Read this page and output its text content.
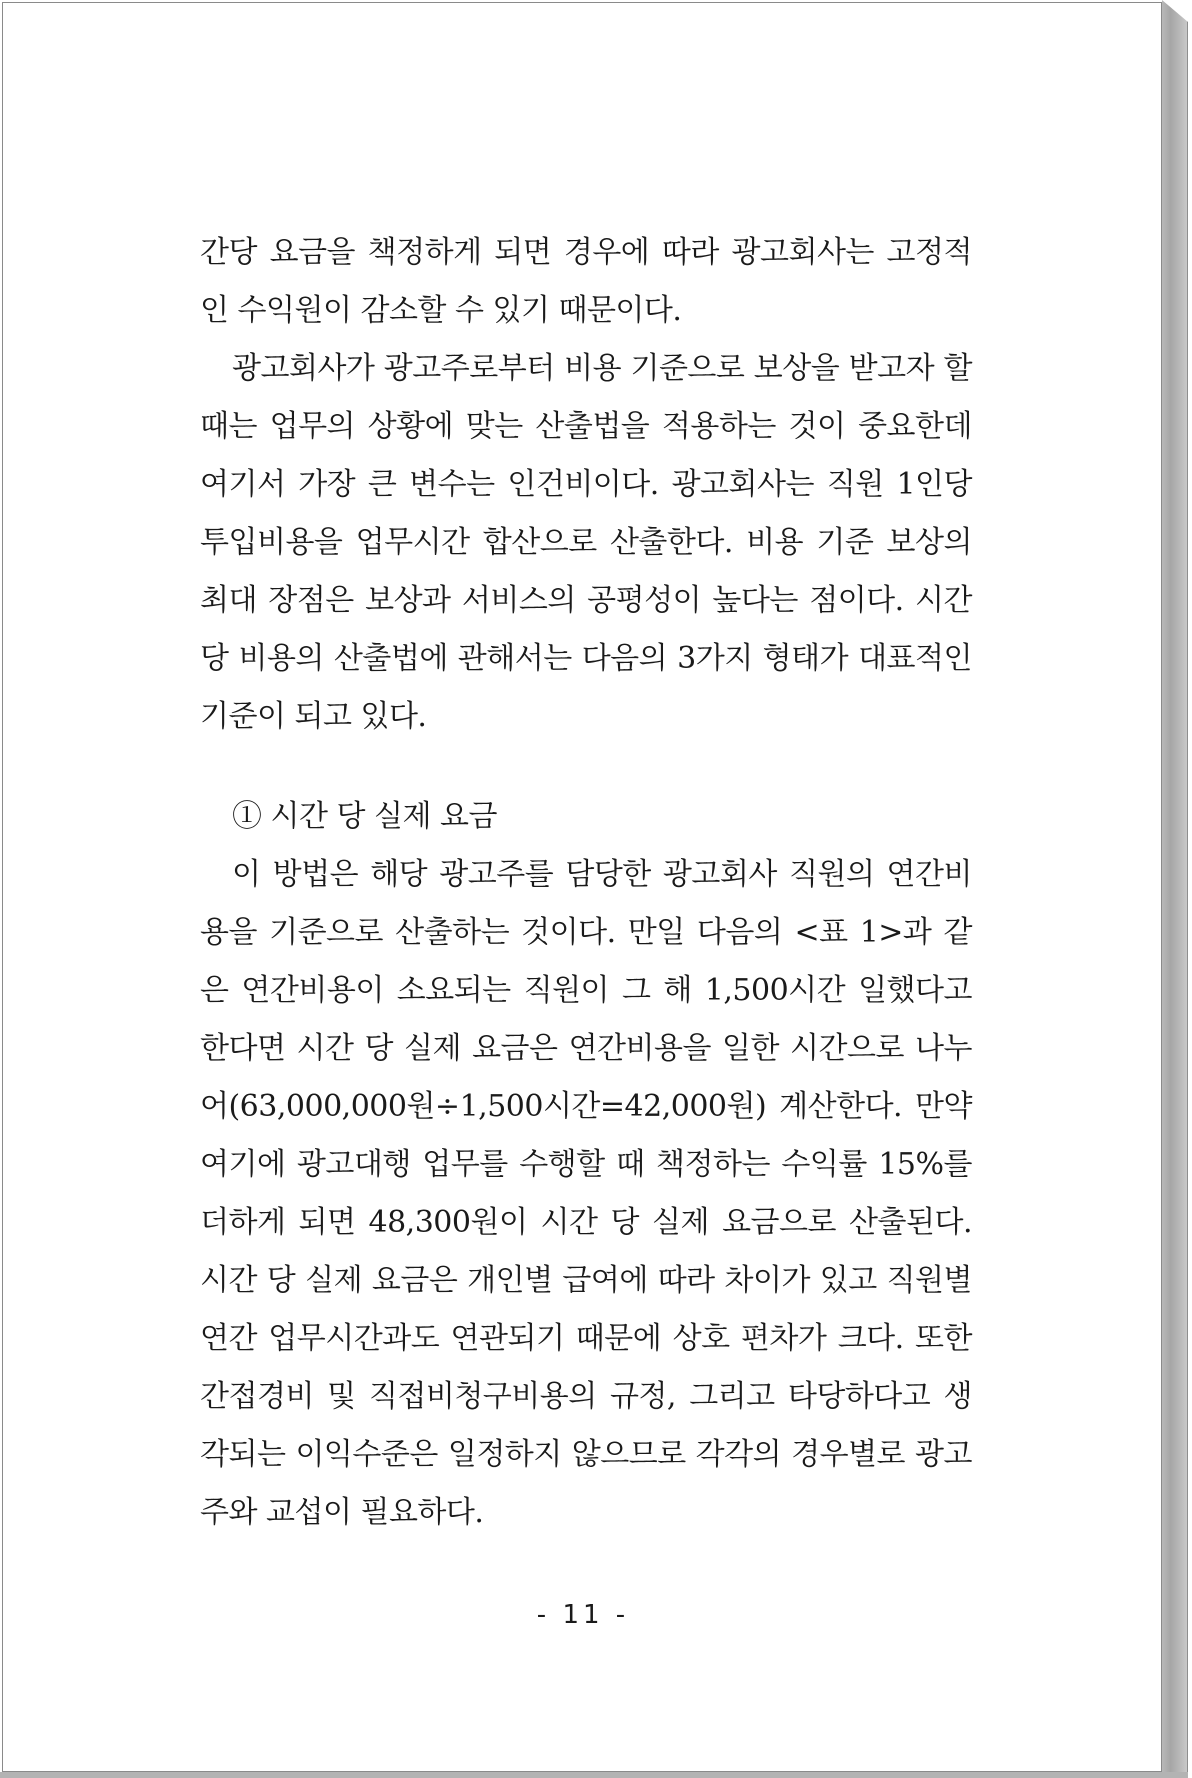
간당 요금을 책정하게 되면 경우에 따라 광고회사는 고정적인 수익원이 감소할 수 있기 때문이다.

광고회사가 광고주로부터 비용 기준으로 보상을 받고자 할 때는 업무의 상황에 맞는 산출법을 적용하는 것이 중요한데 여기서 가장 큰 변수는 인건비이다. 광고회사는 직원 1인당 투입비용을 업무시간 합산으로 산출한다. 비용 기준 보상의 최대 장점은 보상과 서비스의 공평성이 높다는 점이다. 시간 당 비용의 산출법에 관해서는 다음의 3가지 형태가 대표적인 기준이 되고 있다.

① 시간 당 실제 요금

이 방법은 해당 광고주를 담당한 광고회사 직원의 연간비용을 기준으로 산출하는 것이다. 만일 다음의 <표 1>과 같은 연간비용이 소요되는 직원이 그 해 1,500시간 일했다고 한다면 시간 당 실제 요금은 연간비용을 일한 시간으로 나누어(63,000,000원÷1,500시간=42,000원) 계산한다. 만약 여기에 광고대행 업무를 수행할 때 책정하는 수익률 15%를 더하게 되면 48,300원이 시간 당 실제 요금으로 산출된다. 시간 당 실제 요금은 개인별 급여에 따라 차이가 있고 직원별 연간 업무시간과도 연관되기 때문에 상호 편차가 크다. 또한 간접경비 및 직접비청구비용의 규정, 그리고 타당하다고 생각되는 이익수준은 일정하지 않으므로 각각의 경우별로 광고주와 교섭이 필요하다.

- 11 -
